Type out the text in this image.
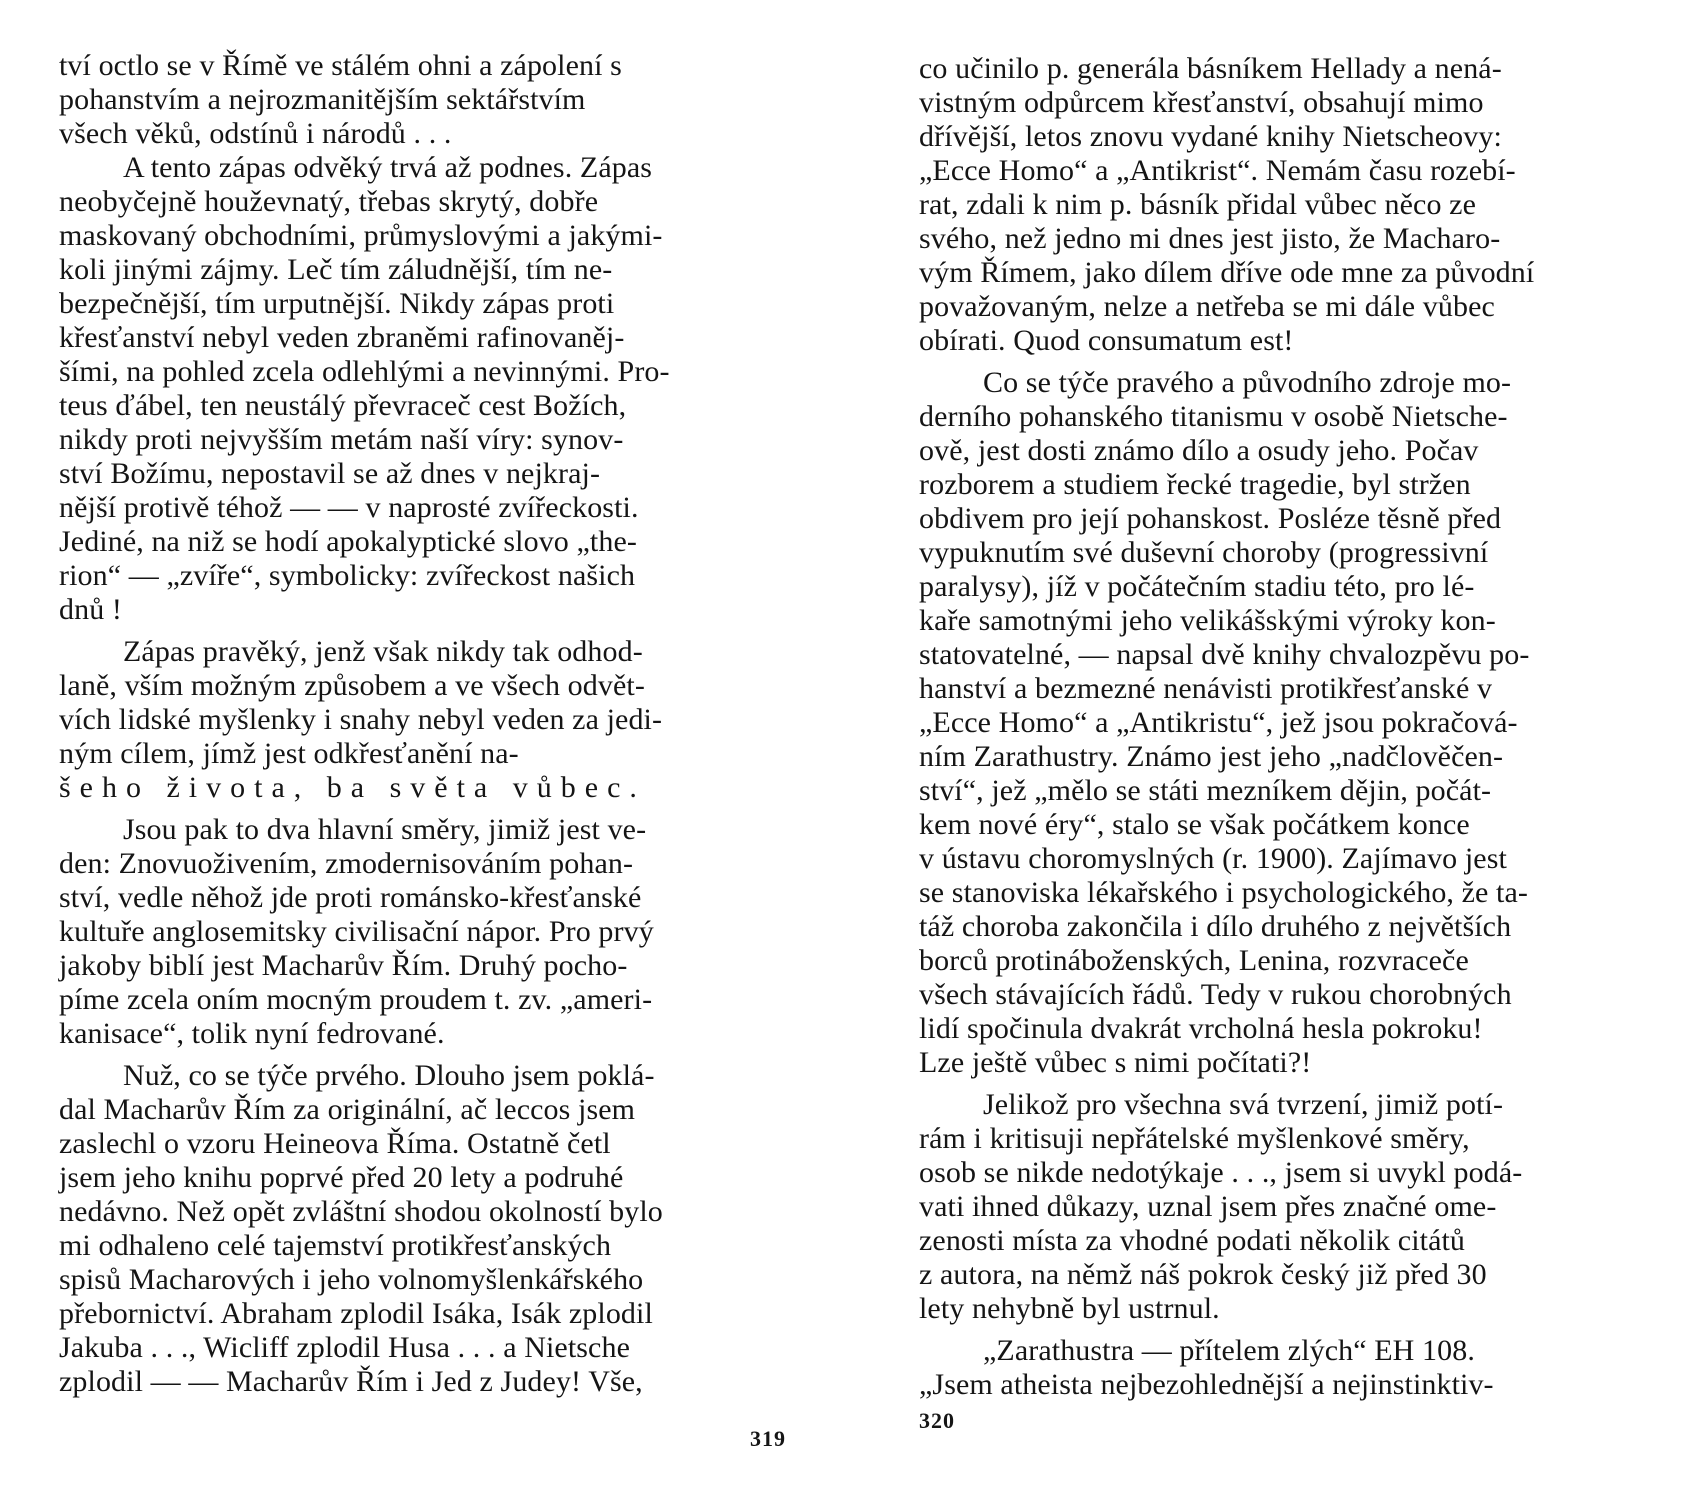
tví octlo se v Římě ve stálém ohni a zápolení s
pohanstvím a nejrozmanitějším sektářstvím
všech věků, odstínů i národů . . .
A tento zápas odvěký trvá až podnes. Zápas
neobyčejně houževnatý, třebas skrytý, dobře
maskovaný obchodními, průmyslovými a jakými-
koli jinými zájmy. Leč tím záludnější, tím ne-
bezpečnější, tím urputnější. Nikdy zápas proti
křesťanství nebyl veden zbraněmi rafinovaněj-
šími, na pohled zcela odlehlými a nevinnými. Pro-
teus ďábel, ten neustálý převraceč cest Božích,
nikdy proti nejvyšším metám naší víry: synov-
ství Božímu, nepostavil se až dnes v nejkraj-
nější protivě téhož — — v naprosté zvířeckosti.
Jediné, na niž se hodí apokalyptické slovo „the-
rion“ — „zvíře“, symbolicky: zvířeckost našich
dnů !
Zápas pravěký, jenž však nikdy tak odhod-
laně, vším možným způsobem a ve všech odvět-
vích lidské myšlenky i snahy nebyl veden za jedi-
ným cílem, jímž jest odkřesťanění na-
šeho života, ba světa vůbec.
Jsou pak to dva hlavní směry, jimiž jest ve-
den: Znovuoživením, zmodernisováním pohan-
ství, vedle něhož jde proti románsko-křesťanské
kultuře anglosemitsky civilisační nápor. Pro prvý
jakoby biblí jest Macharův Řím. Druhý pocho-
píme zcela oním mocným proudem t. zv. „ameri-
kanisace“, tolik nyní fedrované.
Nuž, co se týče prvého. Dlouho jsem poklá-
dal Macharův Řím za originální, ač leccos jsem
zaslechl o vzoru Heineova Říma. Ostatně četl
jsem jeho knihu poprvé před 20 lety a podruhé
nedávno. Než opět zvláštní shodou okolností bylo
mi odhaleno celé tajemství protikřesťanských
spisů Macharových i jeho volnomyšlenkářského
přebornictví. Abraham zplodil Isáka, Isák zplodil
Jakuba . . ., Wicliff zplodil Husa . . . a Nietsche
zplodil — — Macharův Řím i Jed z Judey! Vše,
319
co učinilo p. generála básníkem Hellady a nená-
vistným odpůrcem křesťanství, obsahují mimo
dřívější, letos znovu vydané knihy Nietscheovy:
„Ecce Homo“ a „Antikrist“. Nemám času rozebí-
rat, zdali k nim p. básník přidal vůbec něco ze
svého, než jedno mi dnes jest jisto, že Macharo-
vým Římem, jako dílem dříve ode mne za původní
považovaným, nelze a netřeba se mi dále vůbec
obírati. Quod consumatum est!
Co se týče pravého a původního zdroje mo-
derního pohanského titanismu v osobě Nietsche-
ově, jest dosti známo dílo a osudy jeho. Počav
rozborem a studiem řecké tragedie, byl stržen
obdivem pro její pohanskost. Posléze těsně před
vypuknutím své duševní choroby (progressivní
paralysy), jíž v počátečním stadiu této, pro lé-
kaře samotnými jeho velikášskými výroky kon-
statovatelné, — napsal dvě knihy chvalozpěvu po-
hanství a bezmezné nenávisti protikřesťanské v
„Ecce Homo“ a „Antikristu“, jež jsou pokračová-
ním Zarathustry. Známo jest jeho „nadčlověčen-
ství“, jež „mělo se státi mezníkem dějin, počát-
kem nové éry“, stalo se však počátkem konce
v ústavu choromyslných (r. 1900). Zajímavo jest
se stanoviska lékařského i psychologického, že ta-
táž choroba zakončila i dílo druhého z největších
borců protináboženských, Lenina, rozvraceče
všech stávajících řádů. Tedy v rukou chorobných
lidí spočinula dvakrát vrcholná hesla pokroku!
Lze ještě vůbec s nimi počítati?!
Jelikož pro všechna svá tvrzení, jimiž potí-
rám i kritisuji nepřátelské myšlenkové směry,
osob se nikde nedotýkaje . . ., jsem si uvykl podá-
vati ihned důkazy, uznal jsem přes značné ome-
zenosti místa za vhodné podati několik citátů
z autora, na němž náš pokrok český již před 30
lety nehybně byl ustrnul.
„Zarathustra — přítelem zlých“ EH 108.
„Jsem atheista nejbezohlednější a nejinstinktiv-
320
